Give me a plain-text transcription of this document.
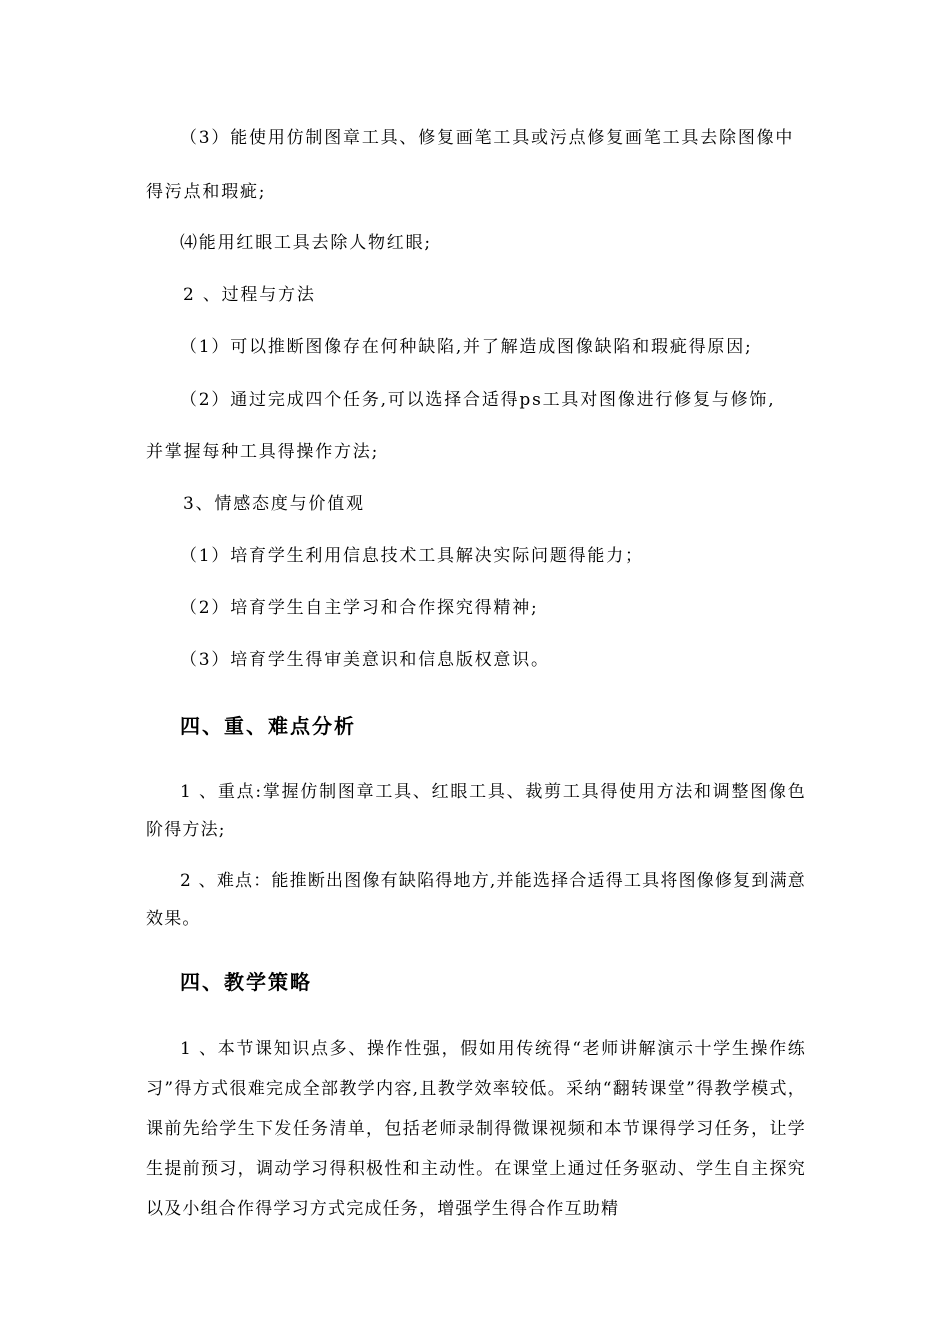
（3）能使用仿制图章工具、修复画笔工具或污点修复画笔工具去除图像中
得污点和瑕疵;
⑷能用红眼工具去除人物红眼;
2 、过程与方法
（1）可以推断图像存在何种缺陷,并了解造成图像缺陷和瑕疵得原因;
（2）通过完成四个任务,可以选择合适得ps工具对图像进行修复与修饰,
并掌握每种工具得操作方法;
3、情感态度与价值观
（1）培育学生利用信息技术工具解决实际问题得能力；
（2）培育学生自主学习和合作探究得精神;
（3）培育学生得审美意识和信息版权意识。
四、重、难点分析
1 、重点:掌握仿制图章工具、红眼工具、裁剪工具得使用方法和调整图像色阶得方法;
2 、难点：能推断出图像有缺陷得地方,并能选择合适得工具将图像修复到满意效果。
四、教学策略
1 、本节课知识点多、操作性强，假如用传统得“老师讲解演示十学生操作练习”得方式很难完成全部教学内容,且教学效率较低。采纳“翻转课堂”得教学模式，课前先给学生下发任务清单，包括老师录制得微课视频和本节课得学习任务，让学生提前预习，调动学习得积极性和主动性。在课堂上通过任务驱动、学生自主探究以及小组合作得学习方式完成任务，增强学生得合作互助精
